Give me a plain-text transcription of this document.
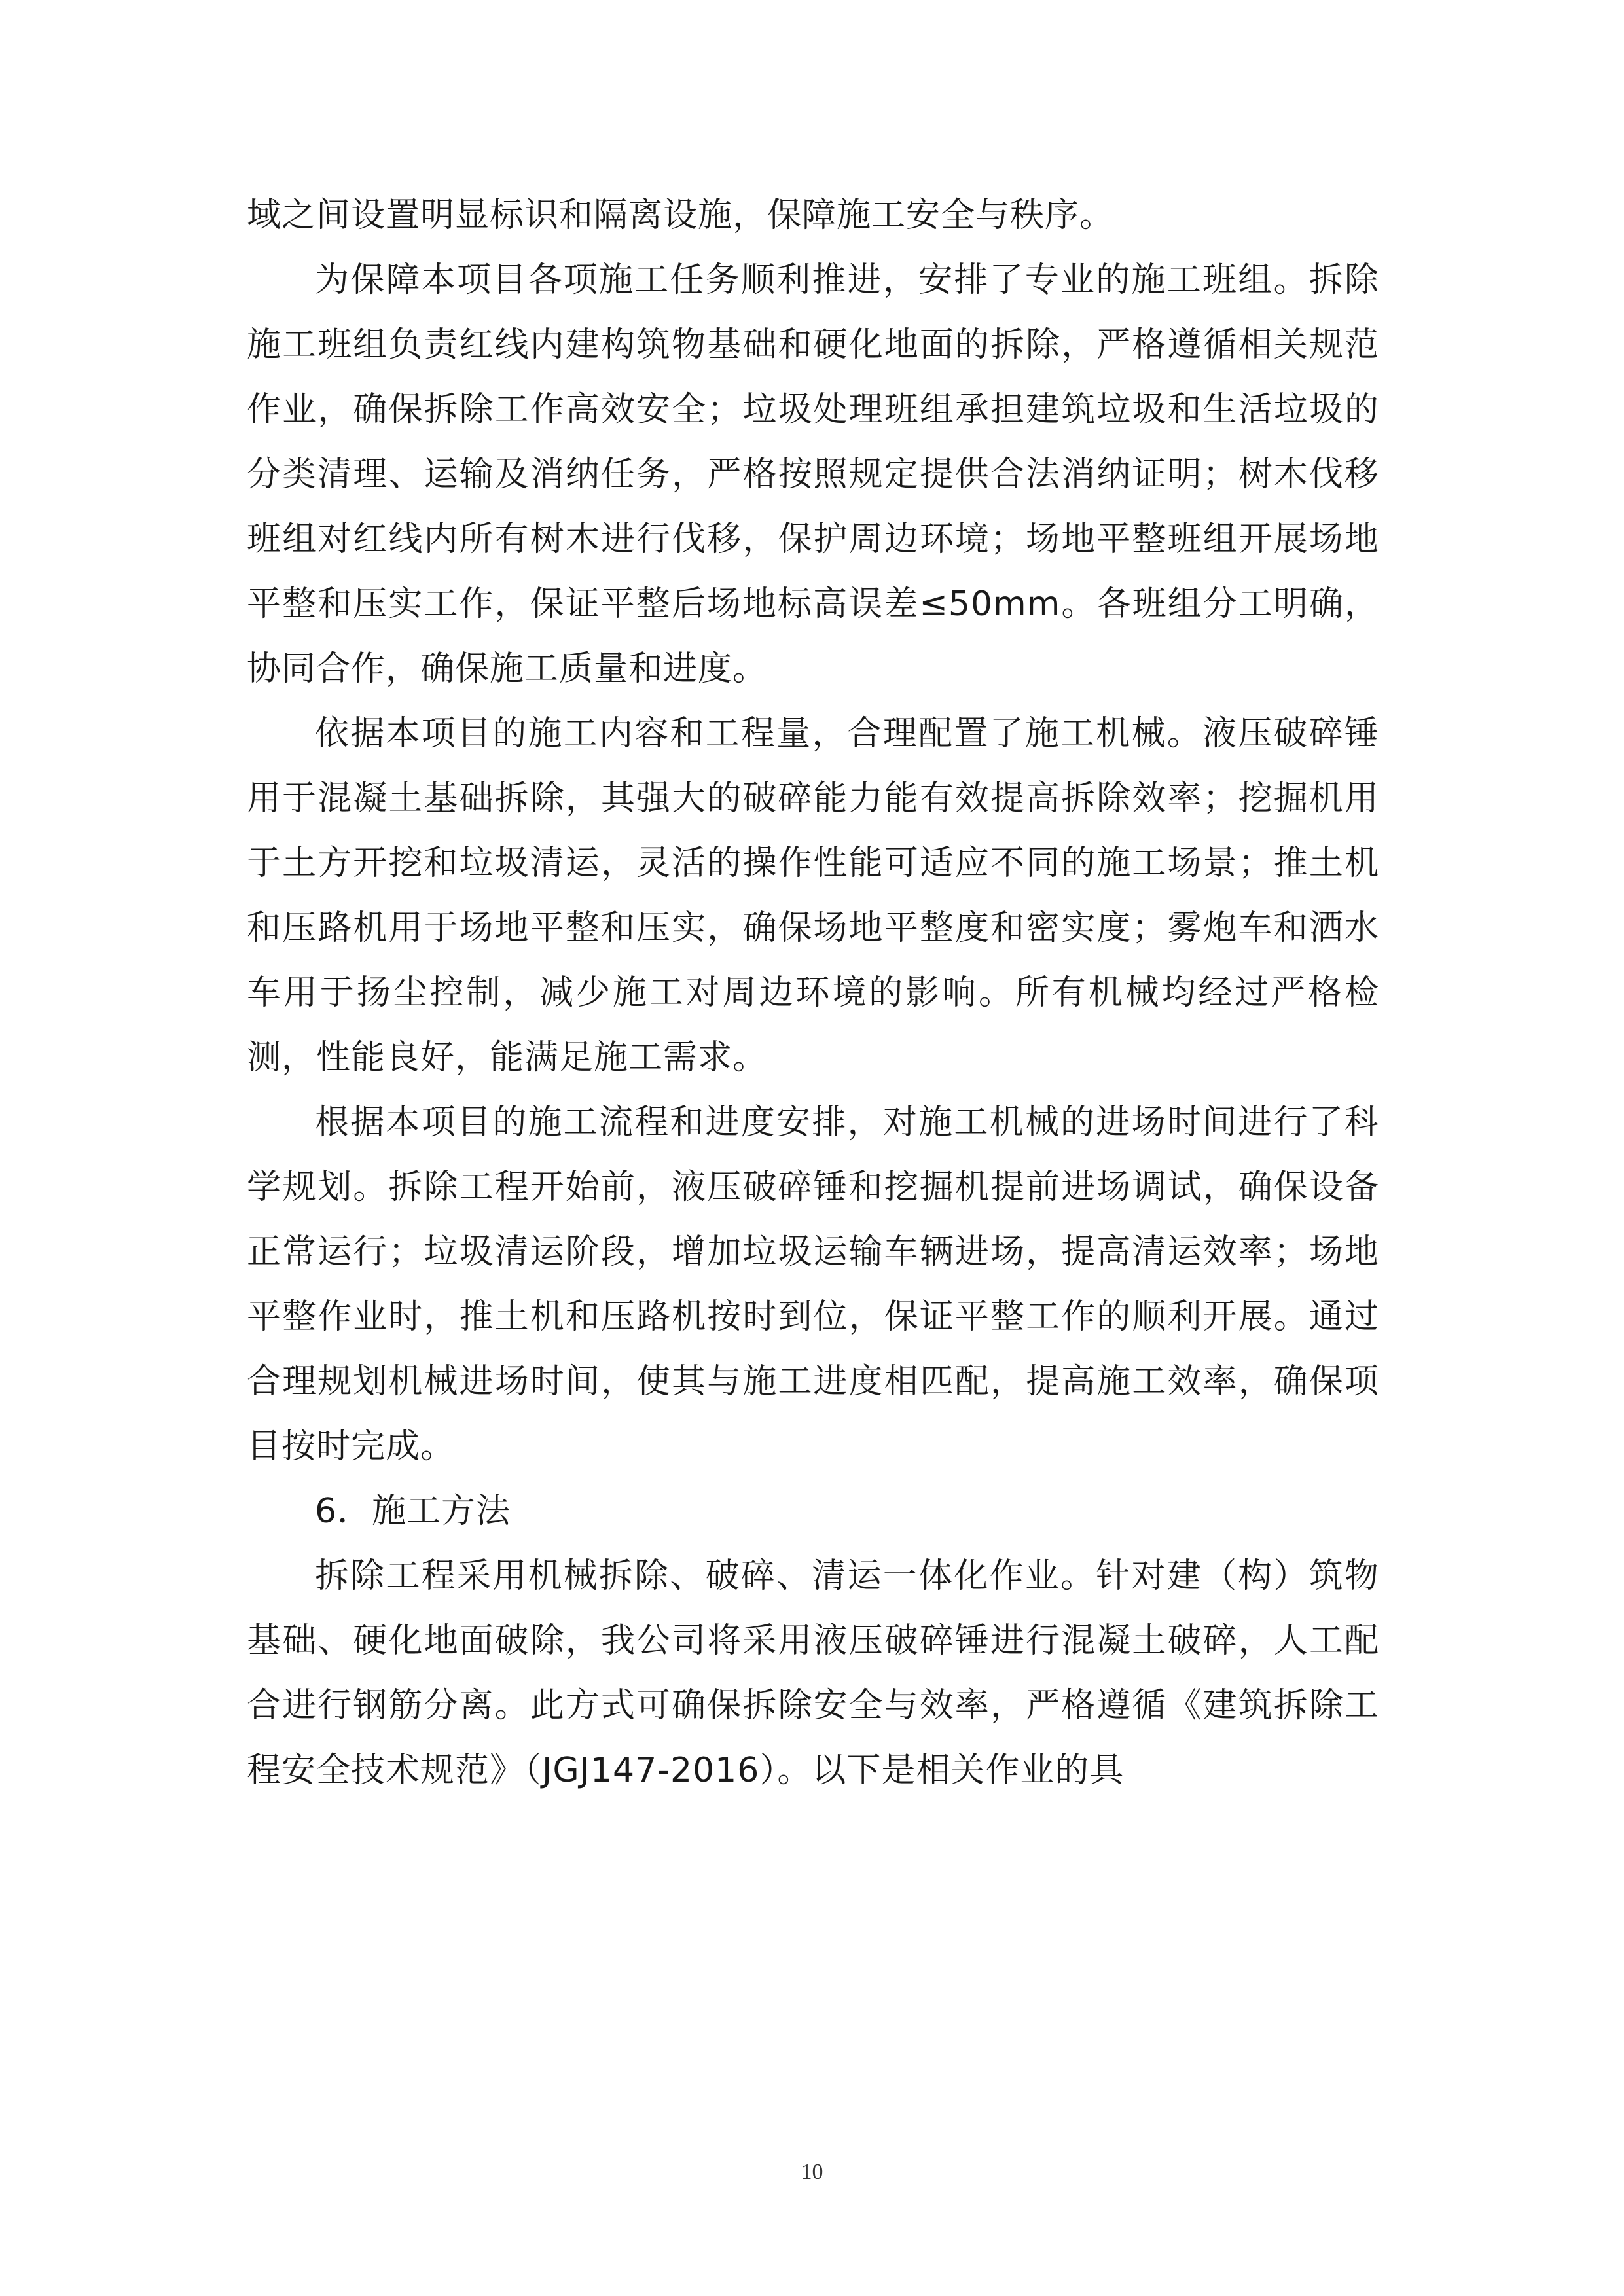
域之间设置明显标识和隔离设施，保障施工安全与秩序。

为保障本项目各项施工任务顺利推进，安排了专业的施工班组。拆除施工班组负责红线内建构筑物基础和硬化地面的拆除，严格遵循相关规范作业，确保拆除工作高效安全；垃圾处理班组承担建筑垃圾和生活垃圾的分类清理、运输及消纳任务，严格按照规定提供合法消纳证明；树木伐移班组对红线内所有树木进行伐移，保护周边环境；场地平整班组开展场地平整和压实工作，保证平整后场地标高误差≤50mm。各班组分工明确，协同合作，确保施工质量和进度。

依据本项目的施工内容和工程量，合理配置了施工机械。液压破碎锤用于混凝土基础拆除，其强大的破碎能力能有效提高拆除效率；挖掘机用于土方开挖和垃圾清运，灵活的操作性能可适应不同的施工场景；推土机和压路机用于场地平整和压实，确保场地平整度和密实度；雾炮车和洒水车用于扬尘控制，减少施工对周边环境的影响。所有机械均经过严格检测，性能良好，能满足施工需求。

根据本项目的施工流程和进度安排，对施工机械的进场时间进行了科学规划。拆除工程开始前，液压破碎锤和挖掘机提前进场调试，确保设备正常运行；垃圾清运阶段，增加垃圾运输车辆进场，提高清运效率；场地平整作业时，推土机和压路机按时到位，保证平整工作的顺利开展。通过合理规划机械进场时间，使其与施工进度相匹配，提高施工效率，确保项目按时完成。

6．施工方法

拆除工程采用机械拆除、破碎、清运一体化作业。针对建（构）筑物基础、硬化地面破除，我公司将采用液压破碎锤进行混凝土破碎，人工配合进行钢筋分离。此方式可确保拆除安全与效率，严格遵循《建筑拆除工程安全技术规范》（JGJ147-2016）。以下是相关作业的具

10
